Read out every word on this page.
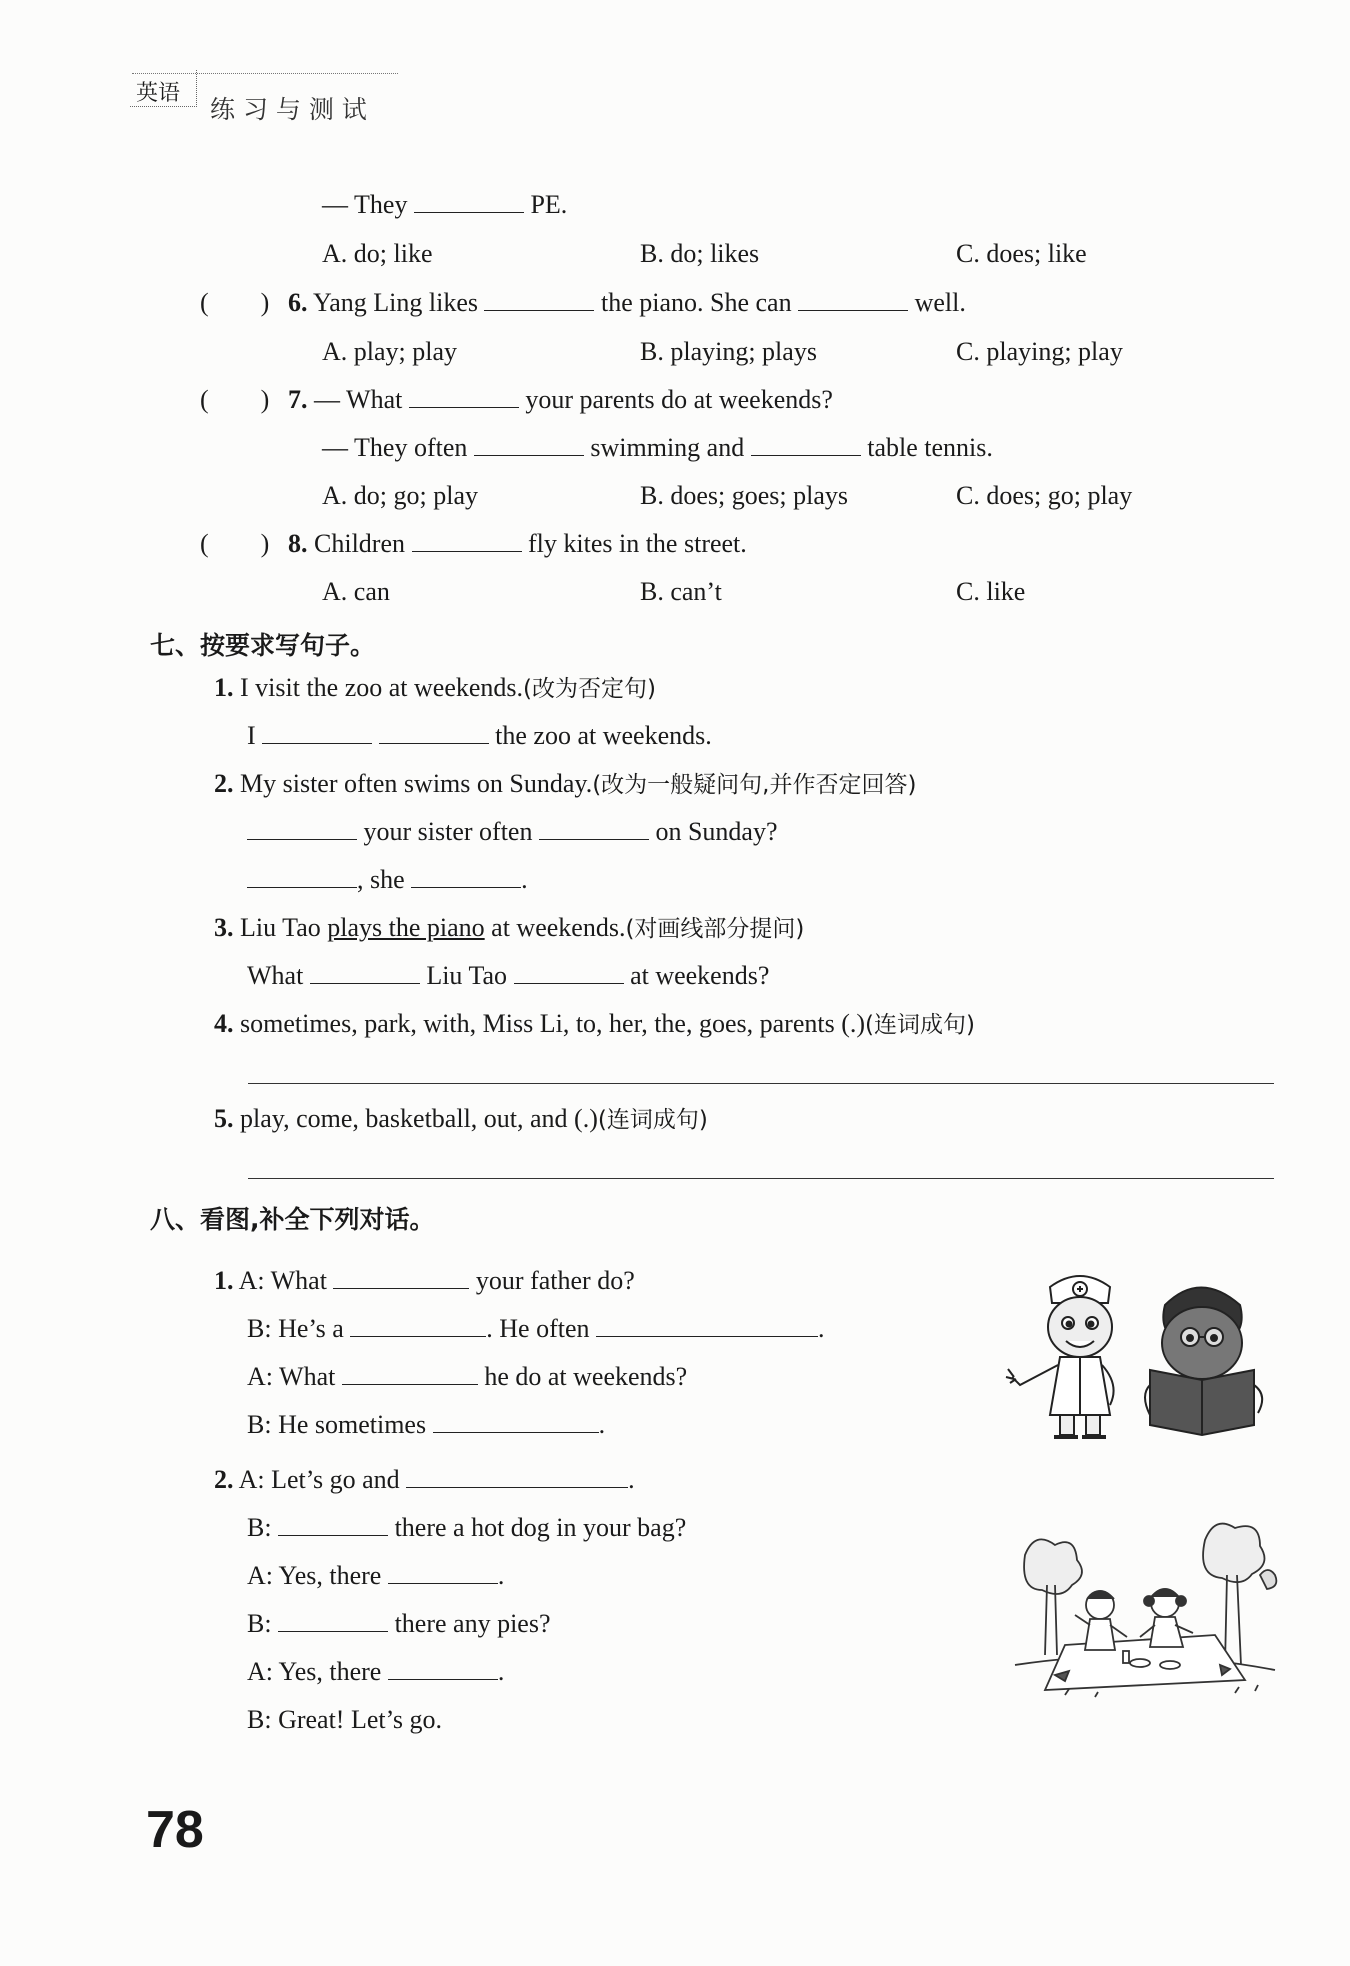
英语
练 习 与 测 试
— They	PE.
A. do; like	B. do; likes	C. does; like
(　　) 6. Yang Ling likes	the piano. She can	well.
A. play; play	B. playing; plays	C. playing; play
(　　) 7. — What	your parents do at weekends?
— They often	swimming and	table tennis.
A. do; go; play	B. does; goes; plays	C. does; go; play
(　　) 8. Children	fly kites in the street.
A. can	B. can’t	C. like
七、按要求写句子。
1. I visit the zoo at weekends.(改为否定句)
I	the zoo at weekends.
2. My sister often swims on Sunday.(改为一般疑问句,并作否定回答)
your sister often	on Sunday?
, she	.
3. Liu Tao plays the piano at weekends.(对画线部分提问)
What	Liu Tao	at weekends?
4. sometimes, park, with, Miss Li, to, her, the, goes, parents (.)(连词成句)
5. play, come, basketball, out, and (.)(连词成句)
八、看图,补全下列对话。
1. A: What	your father do?
B: He’s a	. He often	.
A: What	he do at weekends?
B: He sometimes	.
2. A: Let’s go and	.
B:	there a hot dog in your bag?
A: Yes, there	.
B:	there any pies?
A: Yes, there	.
B: Great! Let’s go.
78
